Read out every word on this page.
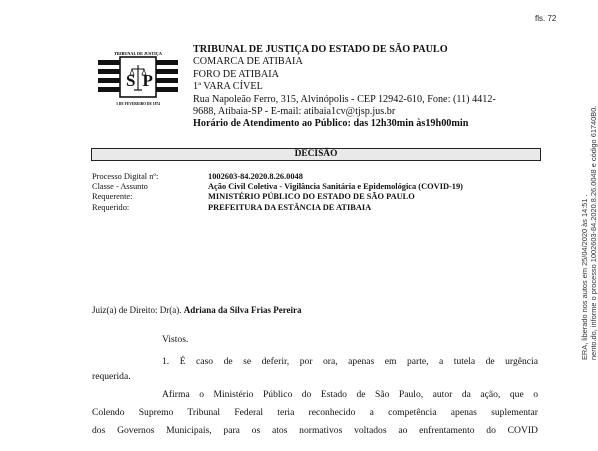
fls. 72
TRIBUNAL DE JUSTIÇA
SP
3 DE FEVEREIRO DE 1874
TRIBUNAL DE JUSTIÇA DO ESTADO DE SÃO PAULO
COMARCA DE ATIBAIA
FORO DE ATIBAIA
1ª VARA CÍVEL
Rua Napoleão Ferro, 315, Alvinópolis - CEP 12942-610, Fone: (11) 4412-
9688, Atibaia-SP - E-mail: atibaia1cv@tjsp.jus.br
Horário de Atendimento ao Público: das 12h30min às19h00min
DECISÃO
Processo Digital nº:	1002603-84.2020.8.26.0048
Classe - Assunto	Ação Civil Coletiva - Vigilância Sanitária e Epidemológica (COVID-19)
Requerente:	MINISTÉRIO PÚBLICO DO ESTADO DE SÃO PAULO
Requerido:	PREFEITURA DA ESTÂNCIA DE ATIBAIA
Juiz(a) de Direito: Dr(a). Adriana da Silva Frias Pereira
Vistos.
1. É caso de se deferir, por ora, apenas em parte, a tutela de urgência
requerida.
Afirma o Ministério Público do Estado de São Paulo, autor da ação, que o
Colendo Supremo Tribunal Federal teria reconhecido a competência apenas suplementar
dos Governos Municipais, para os atos normativos voltados ao enfrentamento do COVID
ERA, liberado nos autos em 25/04/2020 às 14:51 . nento.do, informe o processo 1002603-84.2020.8.26.0048 e código 61740B0.
